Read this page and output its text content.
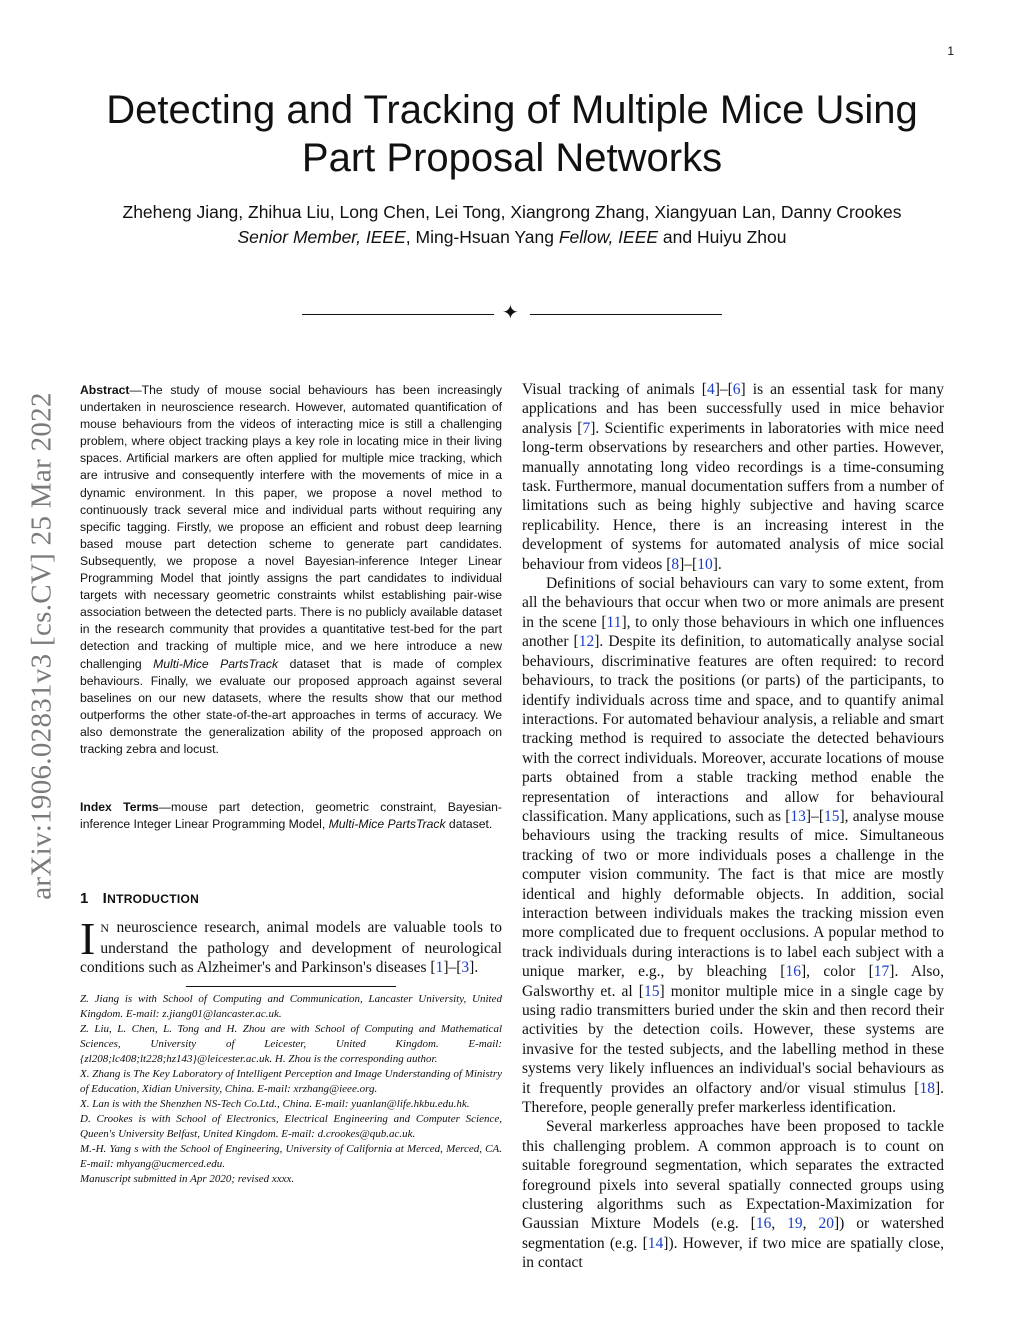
1
Detecting and Tracking of Multiple Mice Using Part Proposal Networks
Zheheng Jiang, Zhihua Liu, Long Chen, Lei Tong, Xiangrong Zhang, Xiangyuan Lan, Danny Crookes
Senior Member, IEEE, Ming-Hsuan Yang Fellow, IEEE and Huiyu Zhou
✦
arXiv:1906.02831v3 [cs.CV] 25 Mar 2022
Abstract—The study of mouse social behaviours has been increasingly undertaken in neuroscience research. However, automated quantification of mouse behaviours from the videos of interacting mice is still a challenging problem, where object tracking plays a key role in locating mice in their living spaces. Artificial markers are often applied for multiple mice tracking, which are intrusive and consequently interfere with the movements of mice in a dynamic environment. In this paper, we propose a novel method to continuously track several mice and individual parts without requiring any specific tagging. Firstly, we propose an efficient and robust deep learning based mouse part detection scheme to generate part candidates. Subsequently, we propose a novel Bayesian-inference Integer Linear Programming Model that jointly assigns the part candidates to individual targets with necessary geometric constraints whilst establishing pair-wise association between the detected parts. There is no publicly available dataset in the research community that provides a quantitative test-bed for the part detection and tracking of multiple mice, and we here introduce a new challenging Multi-Mice PartsTrack dataset that is made of complex behaviours. Finally, we evaluate our proposed approach against several baselines on our new datasets, where the results show that our method outperforms the other state-of-the-art approaches in terms of accuracy. We also demonstrate the generalization ability of the proposed approach on tracking zebra and locust.
Index Terms—mouse part detection, geometric constraint, Bayesian-inference Integer Linear Programming Model, Multi-Mice PartsTrack dataset.
1 INTRODUCTION
I N neuroscience research, animal models are valuable tools to understand the pathology and development of neurological conditions such as Alzheimer's and Parkinson's diseases [1]–[3].

Z. Jiang is with School of Computing and Communication, Lancaster University, United Kingdom. E-mail: z.jiang01@lancaster.ac.uk.

Z. Liu, L. Chen, L. Tong and H. Zhou are with School of Computing and Mathematical Sciences, University of Leicester, United Kingdom. E-mail: {zl208;lc408;lt228;hz143}@leicester.ac.uk. H. Zhou is the corresponding author.

X. Zhang is The Key Laboratory of Intelligent Perception and Image Understanding of Ministry of Education, Xidian University, China. E-mail: xrzhang@ieee.org.

X. Lan is with the Shenzhen NS-Tech Co.Ltd., China. E-mail: yuanlan@life.hkbu.edu.hk.

D. Crookes is with School of Electronics, Electrical Engineering and Computer Science, Queen's University Belfast, United Kingdom. E-mail: d.crookes@qub.ac.uk.

M.-H. Yang s with the School of Engineering, University of California at Merced, Merced, CA. E-mail: mhyang@ucmerced.edu.

Manuscript submitted in Apr 2020; revised xxxx.

Visual tracking of animals [4]–[6] is an essential task for many applications and has been successfully used in mice behavior analysis [7]. Scientific experiments in laboratories with mice need long-term observations by researchers and other parties. However, manually annotating long video recordings is a time-consuming task. Furthermore, manual documentation suffers from a number of limitations such as being highly subjective and having scarce replicability. Hence, there is an increasing interest in the development of systems for automated analysis of mice social behaviour from videos [8]–[10].

Definitions of social behaviours can vary to some extent, from all the behaviours that occur when two or more animals are present in the scene [11], to only those behaviours in which one influences another [12]. Despite its definition, to automatically analyse social behaviours, discriminative features are often required: to record behaviours, to track the positions (or parts) of the participants, to identify individuals across time and space, and to quantify animal interactions. For automated behaviour analysis, a reliable and smart tracking method is required to associate the detected behaviours with the correct individuals. Moreover, accurate locations of mouse parts obtained from a stable tracking method enable the representation of interactions and allow for behavioural classification. Many applications, such as [13]–[15], analyse mouse behaviours using the tracking results of mice. Simultaneous tracking of two or more individuals poses a challenge in the computer vision community. The fact is that mice are mostly identical and highly deformable objects. In addition, social interaction between individuals makes the tracking mission even more complicated due to frequent occlusions. A popular method to track individuals during interactions is to label each subject with a unique marker, e.g., by bleaching [16], color [17]. Also, Galsworthy et. al [15] monitor multiple mice in a single cage by using radio transmitters buried under the skin and then record their activities by the detection coils. However, these systems are invasive for the tested subjects, and the labelling method in these systems very likely influences an individual's social behaviours as it frequently provides an olfactory and/or visual stimulus [18]. Therefore, people generally prefer markerless identification.

Several markerless approaches have been proposed to tackle this challenging problem. A common approach is to count on suitable foreground segmentation, which separates the extracted foreground pixels into several spatially connected groups using clustering algorithms such as Expectation-Maximization for Gaussian Mixture Models (e.g. [16, 19, 20]) or watershed segmentation (e.g. [14]). However, if two mice are spatially close, in contact
